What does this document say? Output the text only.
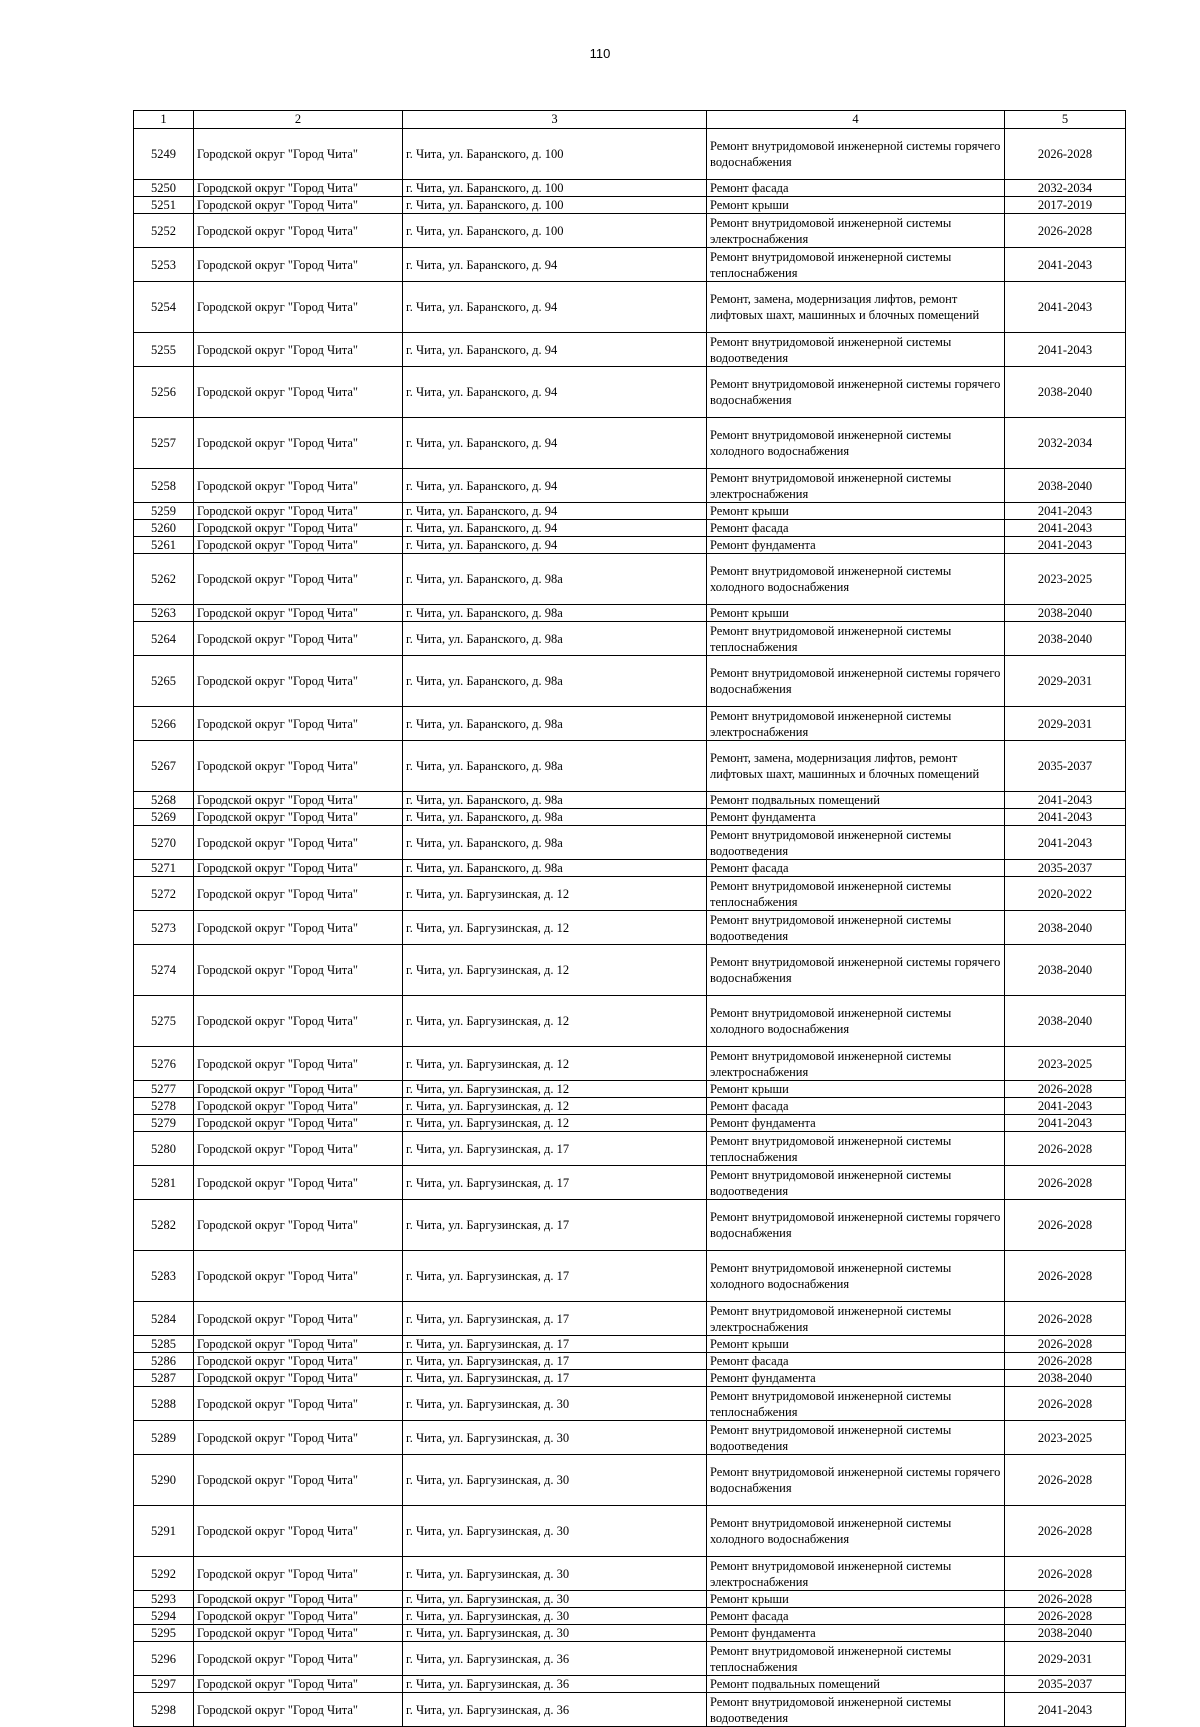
110
1	2	3	4	5
5249	Городской округ "Город Чита"	г. Чита, ул. Баранского, д. 100	Ремонт внутридомовой инженерной системы горячего водоснабжения	2026-2028
5250	Городской округ "Город Чита"	г. Чита, ул. Баранского, д. 100	Ремонт фасада	2032-2034
5251	Городской округ "Город Чита"	г. Чита, ул. Баранского, д. 100	Ремонт крыши	2017-2019
5252	Городской округ "Город Чита"	г. Чита, ул. Баранского, д. 100	Ремонт внутридомовой инженерной системы электроснабжения	2026-2028
5253	Городской округ "Город Чита"	г. Чита, ул. Баранского, д. 94	Ремонт внутридомовой инженерной системы теплоснабжения	2041-2043
5254	Городской округ "Город Чита"	г. Чита, ул. Баранского, д. 94	Ремонт, замена, модернизация лифтов, ремонт лифтовых шахт, машинных и блочных помещений	2041-2043
5255	Городской округ "Город Чита"	г. Чита, ул. Баранского, д. 94	Ремонт внутридомовой инженерной системы водоотведения	2041-2043
5256	Городской округ "Город Чита"	г. Чита, ул. Баранского, д. 94	Ремонт внутридомовой инженерной системы горячего водоснабжения	2038-2040
5257	Городской округ "Город Чита"	г. Чита, ул. Баранского, д. 94	Ремонт внутридомовой инженерной системы холодного водоснабжения	2032-2034
5258	Городской округ "Город Чита"	г. Чита, ул. Баранского, д. 94	Ремонт внутридомовой инженерной системы электроснабжения	2038-2040
5259	Городской округ "Город Чита"	г. Чита, ул. Баранского, д. 94	Ремонт крыши	2041-2043
5260	Городской округ "Город Чита"	г. Чита, ул. Баранского, д. 94	Ремонт фасада	2041-2043
5261	Городской округ "Город Чита"	г. Чита, ул. Баранского, д. 94	Ремонт фундамента	2041-2043
5262	Городской округ "Город Чита"	г. Чита, ул. Баранского, д. 98а	Ремонт внутридомовой инженерной системы холодного водоснабжения	2023-2025
5263	Городской округ "Город Чита"	г. Чита, ул. Баранского, д. 98а	Ремонт крыши	2038-2040
5264	Городской округ "Город Чита"	г. Чита, ул. Баранского, д. 98а	Ремонт внутридомовой инженерной системы теплоснабжения	2038-2040
5265	Городской округ "Город Чита"	г. Чита, ул. Баранского, д. 98а	Ремонт внутридомовой инженерной системы горячего водоснабжения	2029-2031
5266	Городской округ "Город Чита"	г. Чита, ул. Баранского, д. 98а	Ремонт внутридомовой инженерной системы электроснабжения	2029-2031
5267	Городской округ "Город Чита"	г. Чита, ул. Баранского, д. 98а	Ремонт, замена, модернизация лифтов, ремонт лифтовых шахт, машинных и блочных помещений	2035-2037
5268	Городской округ "Город Чита"	г. Чита, ул. Баранского, д. 98а	Ремонт подвальных помещений	2041-2043
5269	Городской округ "Город Чита"	г. Чита, ул. Баранского, д. 98а	Ремонт фундамента	2041-2043
5270	Городской округ "Город Чита"	г. Чита, ул. Баранского, д. 98а	Ремонт внутридомовой инженерной системы водоотведения	2041-2043
5271	Городской округ "Город Чита"	г. Чита, ул. Баранского, д. 98а	Ремонт фасада	2035-2037
5272	Городской округ "Город Чита"	г. Чита, ул. Баргузинская, д. 12	Ремонт внутридомовой инженерной системы теплоснабжения	2020-2022
5273	Городской округ "Город Чита"	г. Чита, ул. Баргузинская, д. 12	Ремонт внутридомовой инженерной системы водоотведения	2038-2040
5274	Городской округ "Город Чита"	г. Чита, ул. Баргузинская, д. 12	Ремонт внутридомовой инженерной системы горячего водоснабжения	2038-2040
5275	Городской округ "Город Чита"	г. Чита, ул. Баргузинская, д. 12	Ремонт внутридомовой инженерной системы холодного водоснабжения	2038-2040
5276	Городской округ "Город Чита"	г. Чита, ул. Баргузинская, д. 12	Ремонт внутридомовой инженерной системы электроснабжения	2023-2025
5277	Городской округ "Город Чита"	г. Чита, ул. Баргузинская, д. 12	Ремонт крыши	2026-2028
5278	Городской округ "Город Чита"	г. Чита, ул. Баргузинская, д. 12	Ремонт фасада	2041-2043
5279	Городской округ "Город Чита"	г. Чита, ул. Баргузинская, д. 12	Ремонт фундамента	2041-2043
5280	Городской округ "Город Чита"	г. Чита, ул. Баргузинская, д. 17	Ремонт внутридомовой инженерной системы теплоснабжения	2026-2028
5281	Городской округ "Город Чита"	г. Чита, ул. Баргузинская, д. 17	Ремонт внутридомовой инженерной системы водоотведения	2026-2028
5282	Городской округ "Город Чита"	г. Чита, ул. Баргузинская, д. 17	Ремонт внутридомовой инженерной системы горячего водоснабжения	2026-2028
5283	Городской округ "Город Чита"	г. Чита, ул. Баргузинская, д. 17	Ремонт внутридомовой инженерной системы холодного водоснабжения	2026-2028
5284	Городской округ "Город Чита"	г. Чита, ул. Баргузинская, д. 17	Ремонт внутридомовой инженерной системы электроснабжения	2026-2028
5285	Городской округ "Город Чита"	г. Чита, ул. Баргузинская, д. 17	Ремонт крыши	2026-2028
5286	Городской округ "Город Чита"	г. Чита, ул. Баргузинская, д. 17	Ремонт фасада	2026-2028
5287	Городской округ "Город Чита"	г. Чита, ул. Баргузинская, д. 17	Ремонт фундамента	2038-2040
5288	Городской округ "Город Чита"	г. Чита, ул. Баргузинская, д. 30	Ремонт внутридомовой инженерной системы теплоснабжения	2026-2028
5289	Городской округ "Город Чита"	г. Чита, ул. Баргузинская, д. 30	Ремонт внутридомовой инженерной системы водоотведения	2023-2025
5290	Городской округ "Город Чита"	г. Чита, ул. Баргузинская, д. 30	Ремонт внутридомовой инженерной системы горячего водоснабжения	2026-2028
5291	Городской округ "Город Чита"	г. Чита, ул. Баргузинская, д. 30	Ремонт внутридомовой инженерной системы холодного водоснабжения	2026-2028
5292	Городской округ "Город Чита"	г. Чита, ул. Баргузинская, д. 30	Ремонт внутридомовой инженерной системы электроснабжения	2026-2028
5293	Городской округ "Город Чита"	г. Чита, ул. Баргузинская, д. 30	Ремонт крыши	2026-2028
5294	Городской округ "Город Чита"	г. Чита, ул. Баргузинская, д. 30	Ремонт фасада	2026-2028
5295	Городской округ "Город Чита"	г. Чита, ул. Баргузинская, д. 30	Ремонт фундамента	2038-2040
5296	Городской округ "Город Чита"	г. Чита, ул. Баргузинская, д. 36	Ремонт внутридомовой инженерной системы теплоснабжения	2029-2031
5297	Городской округ "Город Чита"	г. Чита, ул. Баргузинская, д. 36	Ремонт подвальных помещений	2035-2037
5298	Городской округ "Город Чита"	г. Чита, ул. Баргузинская, д. 36	Ремонт внутридомовой инженерной системы водоотведения	2041-2043
